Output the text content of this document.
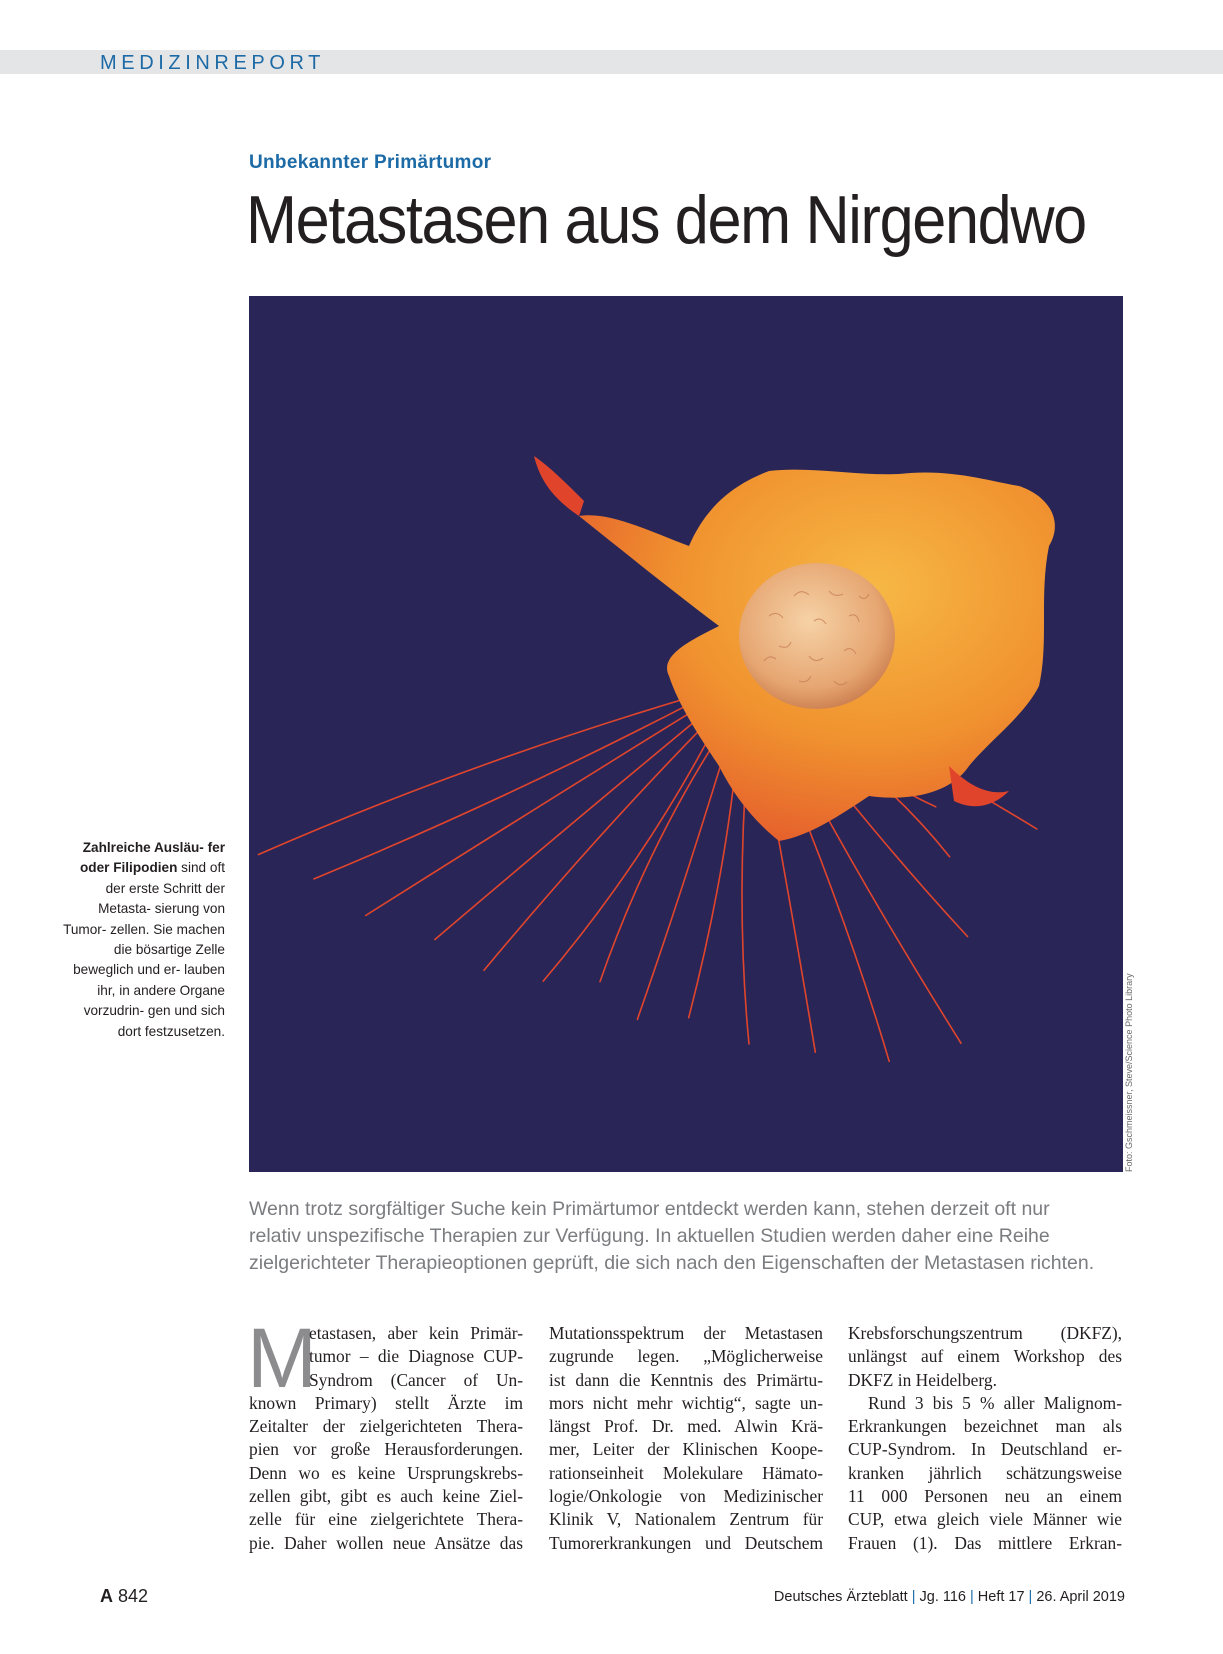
MEDIZINREPORT
Unbekannter Primärtumor
Metastasen aus dem Nirgendwo
Foto: Gschmeissner, Steve/Science Photo Library
Zahlreiche Ausläu- fer oder Filipodien sind oft der erste Schritt der Metasta- sierung von Tumor- zellen. Sie machen die bösartige Zelle beweglich und er- lauben ihr, in andere Organe vorzudrin- gen und sich dort festzusetzen.

Wenn trotz sorgfältiger Suche kein Primärtumor entdeckt werden kann, stehen derzeit oft nur
relativ unspezifische Therapien zur Verfügung. In aktuellen Studien werden daher eine Reihe
zielgerichteter Therapieoptionen geprüft, die sich nach den Eigenschaften der Metastasen richten.

M
etastasen, aber kein Primär-
tumor – die Diagnose CUP-
Syndrom (Cancer of Un-
known Primary) stellt Ärzte im
Zeitalter der zielgerichteten Thera-
pien vor große Herausforderungen.
Denn wo es keine Ursprungskrebs-
zellen gibt, gibt es auch keine Ziel-
zelle für eine zielgerichtete Thera-
pie. Daher wollen neue Ansätze das
Mutationsspektrum der Metastasen
zugrunde legen. „Möglicherweise
ist dann die Kenntnis des Primärtu-
mors nicht mehr wichtig“, sagte un-
längst Prof. Dr. med. Alwin Krä-
mer, Leiter der Klinischen Koope-
rationseinheit Molekulare Hämato-
logie/Onkologie von Medizinischer
Klinik V, Nationalem Zentrum für
Tumorerkrankungen und Deutschem
Krebsforschungszentrum (DKFZ),
unlängst auf einem Workshop des
DKFZ in Heidelberg.
Rund 3 bis 5 % aller Malignom-
Erkrankungen bezeichnet man als
CUP-Syndrom. In Deutschland er-
kranken jährlich schätzungsweise
11 000 Personen neu an einem
CUP, etwa gleich viele Männer wie
Frauen (1). Das mittlere Erkran-
A 842	Deutsches Ärzteblatt | Jg. 116 | Heft 17 | 26. April 2019
